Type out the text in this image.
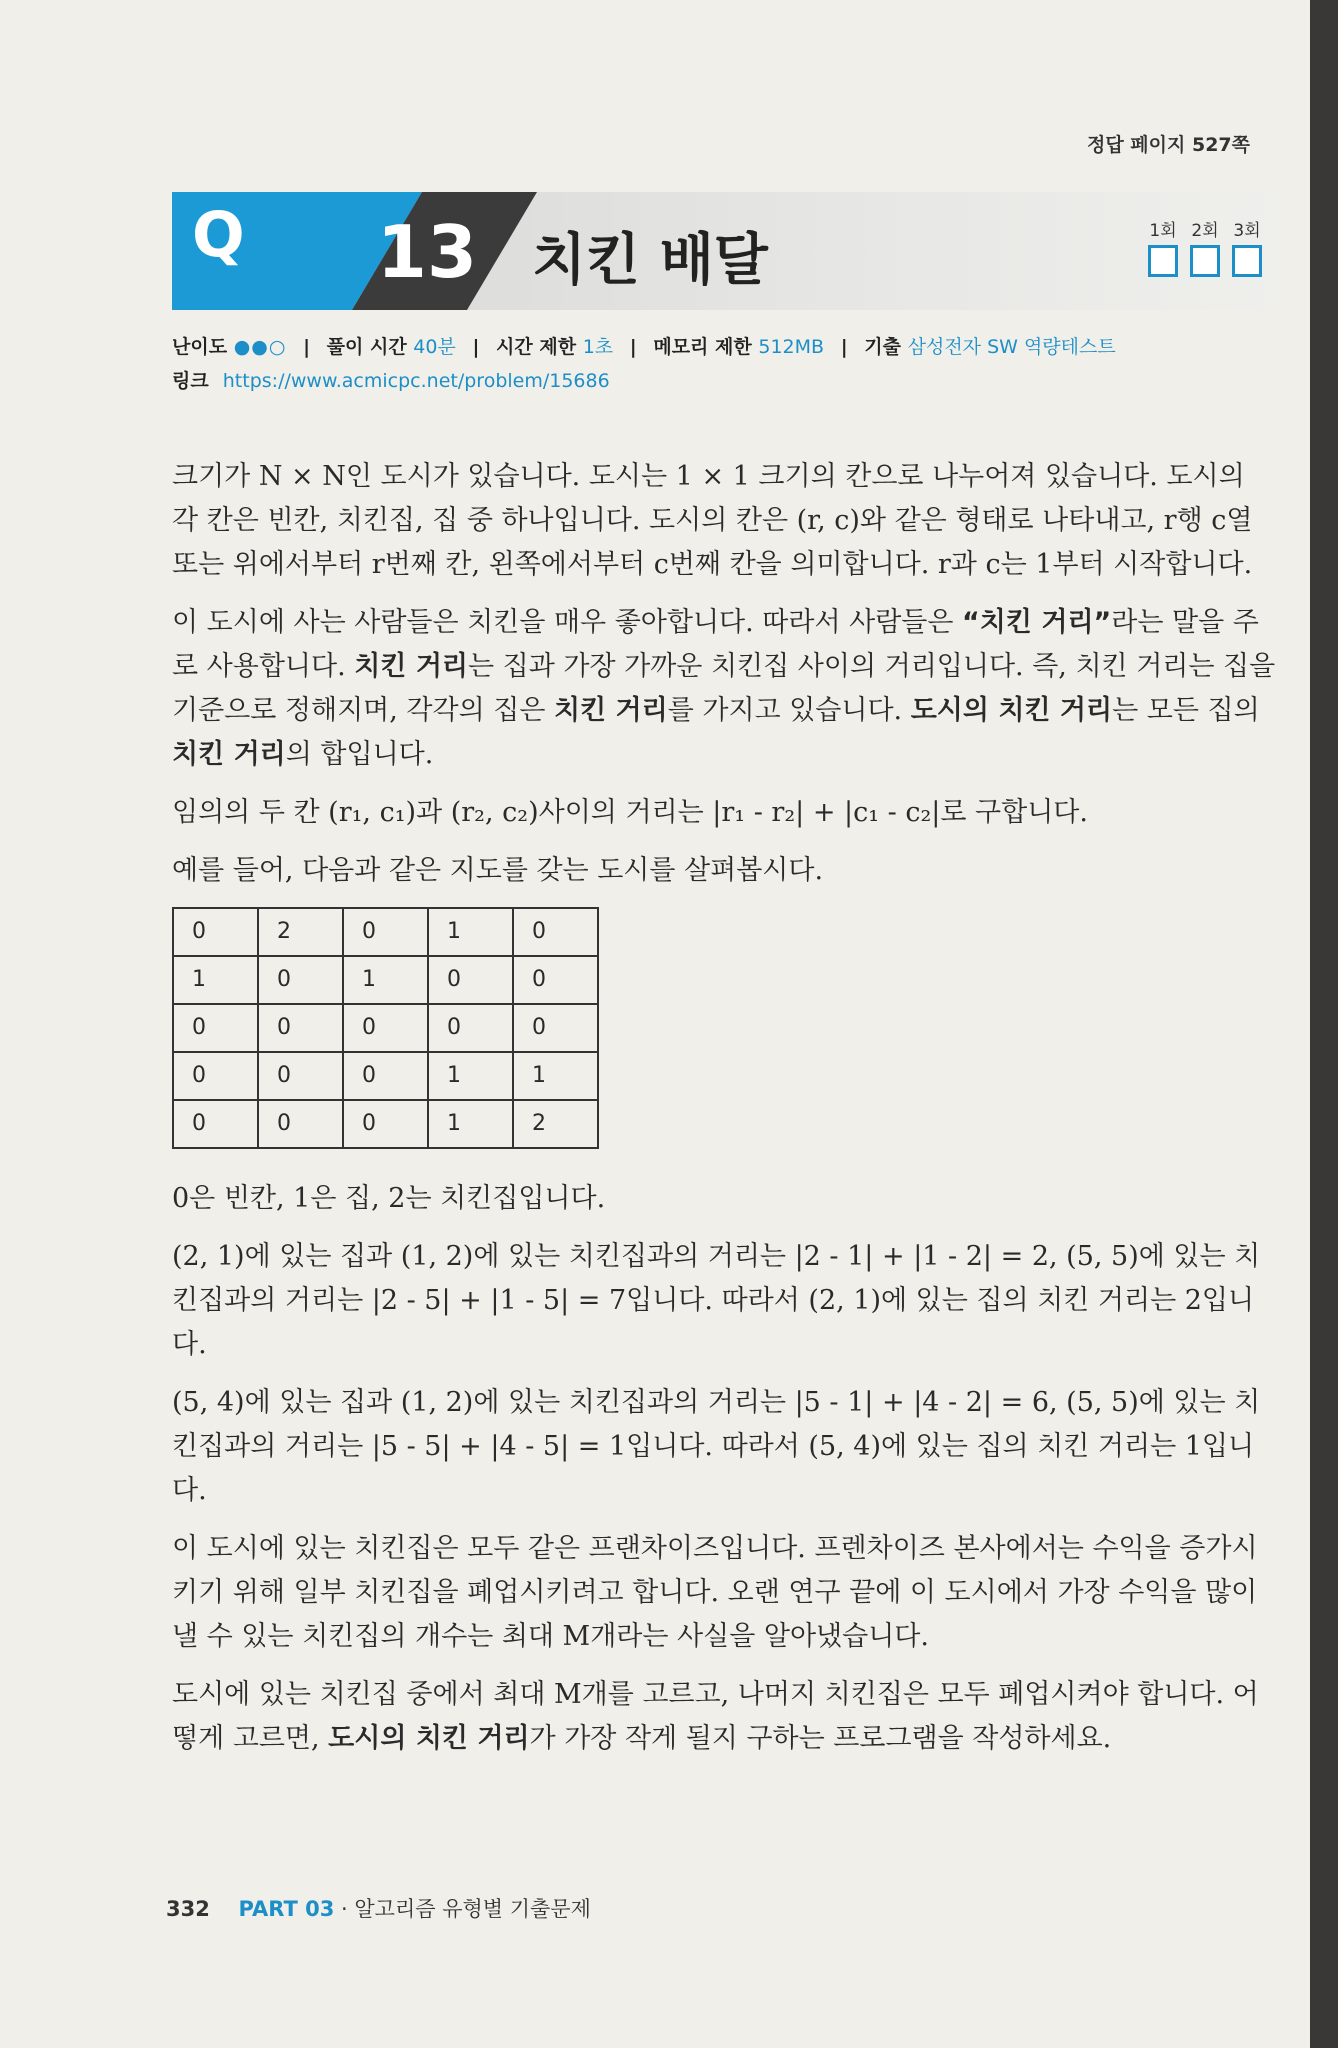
정답 페이지 527쪽
Q	13 치킨 배달	1회 2회 3회
난이도 ●●○ | 풀이 시간 40분 | 시간 제한 1초 | 메모리 제한 512MB | 기출 삼성전자 SW 역량테스트
링크 https://www.acmicpc.net/problem/15686

크기가 N × N인 도시가 있습니다. 도시는 1 × 1 크기의 칸으로 나누어져 있습니다. 도시의 각 칸은 빈칸, 치킨집, 집 중 하나입니다. 도시의 칸은 (r, c)와 같은 형태로 나타내고, r행 c열 또는 위에서부터 r번째 칸, 왼쪽에서부터 c번째 칸을 의미합니다. r과 c는 1부터 시작합니다.

이 도시에 사는 사람들은 치킨을 매우 좋아합니다. 따라서 사람들은 “치킨 거리”라는 말을 주로 사용합니다. 치킨 거리는 집과 가장 가까운 치킨집 사이의 거리입니다. 즉, 치킨 거리는 집을 기준으로 정해지며, 각각의 집은 치킨 거리를 가지고 있습니다. 도시의 치킨 거리는 모든 집의 치킨 거리의 합입니다.

임의의 두 칸 (r₁, c₁)과 (r₂, c₂)사이의 거리는 |r₁ - r₂| + |c₁ - c₂|로 구합니다.

예를 들어, 다음과 같은 지도를 갖는 도시를 살펴봅시다.

0	2	0	1	0
1	0	1	0	0
0	0	0	0	0
0	0	0	1	1
0	0	0	1	2

0은 빈칸, 1은 집, 2는 치킨집입니다.

(2, 1)에 있는 집과 (1, 2)에 있는 치킨집과의 거리는 |2 - 1| + |1 - 2| = 2, (5, 5)에 있는 치킨집과의 거리는 |2 - 5| + |1 - 5| = 7입니다. 따라서 (2, 1)에 있는 집의 치킨 거리는 2입니다.

(5, 4)에 있는 집과 (1, 2)에 있는 치킨집과의 거리는 |5 - 1| + |4 - 2| = 6, (5, 5)에 있는 치킨집과의 거리는 |5 - 5| + |4 - 5| = 1입니다. 따라서 (5, 4)에 있는 집의 치킨 거리는 1입니다.

이 도시에 있는 치킨집은 모두 같은 프랜차이즈입니다. 프렌차이즈 본사에서는 수익을 증가시키기 위해 일부 치킨집을 폐업시키려고 합니다. 오랜 연구 끝에 이 도시에서 가장 수익을 많이 낼 수 있는 치킨집의 개수는 최대 M개라는 사실을 알아냈습니다.

도시에 있는 치킨집 중에서 최대 M개를 고르고, 나머지 치킨집은 모두 폐업시켜야 합니다. 어떻게 고르면, 도시의 치킨 거리가 가장 작게 될지 구하는 프로그램을 작성하세요.

332 PART 03 · 알고리즘 유형별 기출문제
